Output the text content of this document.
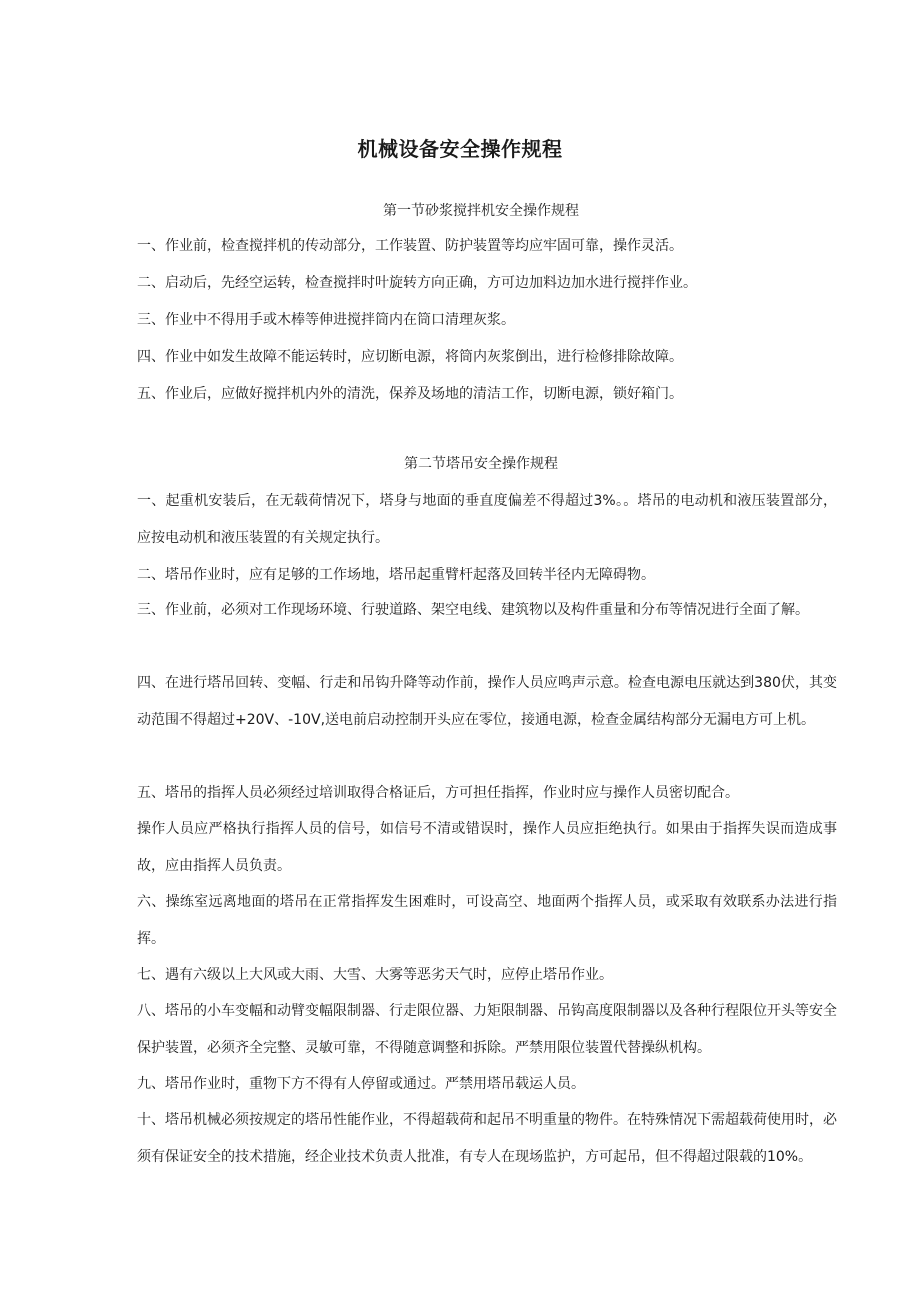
机械设备安全操作规程
第一节砂浆搅拌机安全操作规程

一、作业前，检查搅拌机的传动部分，工作装置、防护装置等均应牢固可靠，操作灵活。

二、启动后，先经空运转，检查搅拌时叶旋转方向正确，方可边加料边加水进行搅拌作业。

三、作业中不得用手或木棒等伸进搅拌筒内在筒口清理灰浆。

四、作业中如发生故障不能运转时，应切断电源，将筒内灰浆倒出，进行检修排除故障。

五、作业后，应做好搅拌机内外的清洗，保养及场地的清洁工作，切断电源，锁好箱门。

第二节塔吊安全操作规程

一、起重机安装后，在无载荷情况下，塔身与地面的垂直度偏差不得超过3%。。塔吊的电动机和液压装置部分，应按电动机和液压装置的有关规定执行。

二、塔吊作业时，应有足够的工作场地，塔吊起重臂杆起落及回转半径内无障碍物。

三、作业前，必须对工作现场环境、行驶道路、架空电线、建筑物以及构件重量和分布等情况进行全面了解。

四、在进行塔吊回转、变幅、行走和吊钩升降等动作前，操作人员应鸣声示意。检查电源电压就达到380伏，其变动范围不得超过+20V、-10V,送电前启动控制开头应在零位，接通电源，检查金属结构部分无漏电方可上机。

五、塔吊的指挥人员必须经过培训取得合格证后，方可担任指挥，作业时应与操作人员密切配合。

操作人员应严格执行指挥人员的信号，如信号不清或错误时，操作人员应拒绝执行。如果由于指挥失误而造成事故，应由指挥人员负责。

六、操练室远离地面的塔吊在正常指挥发生困难时，可设高空、地面两个指挥人员，或采取有效联系办法进行指挥。

七、遇有六级以上大风或大雨、大雪、大雾等恶劣天气时，应停止塔吊作业。

八、塔吊的小车变幅和动臂变幅限制器、行走限位器、力矩限制器、吊钩高度限制器以及各种行程限位开头等安全保护装置，必须齐全完整、灵敏可靠，不得随意调整和拆除。严禁用限位装置代替操纵机构。

九、塔吊作业时，重物下方不得有人停留或通过。严禁用塔吊载运人员。

十、塔吊机械必须按规定的塔吊性能作业，不得超载荷和起吊不明重量的物件。在特殊情况下需超载荷使用时，必须有保证安全的技术措施，经企业技术负责人批准，有专人在现场监护，方可起吊，但不得超过限载的10%。
